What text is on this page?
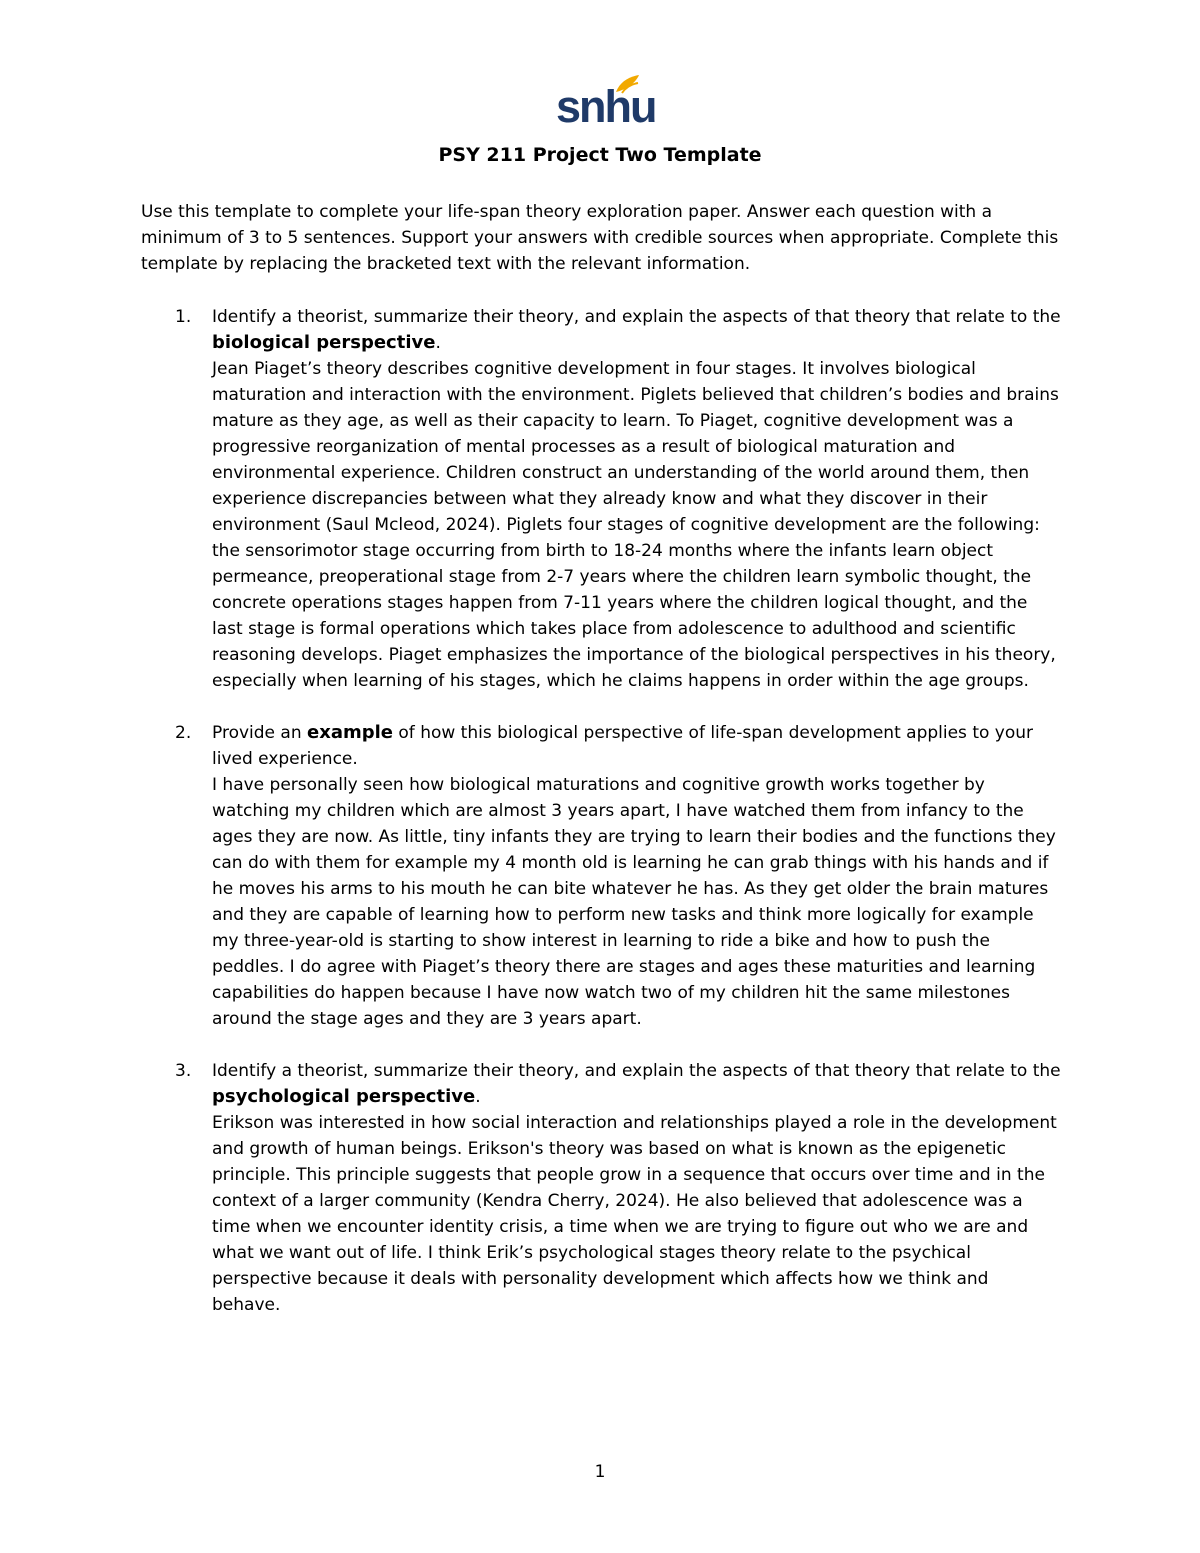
snhu
PSY 211 Project Two Template

Use this template to complete your life-span theory exploration paper. Answer each question with a minimum of 3 to 5 sentences. Support your answers with credible sources when appropriate. Complete this template by replacing the bracketed text with the relevant information.

1. Identify a theorist, summarize their theory, and explain the aspects of that theory that relate to the biological perspective.

Jean Piaget’s theory describes cognitive development in four stages. It involves biological maturation and interaction with the environment. Piglets believed that children’s bodies and brains mature as they age, as well as their capacity to learn. To Piaget, cognitive development was a progressive reorganization of mental processes as a result of biological maturation and environmental experience. Children construct an understanding of the world around them, then experience discrepancies between what they already know and what they discover in their environment (Saul Mcleod, 2024). Piglets four stages of cognitive development are the following: the sensorimotor stage occurring from birth to 18-24 months where the infants learn object permeance, preoperational stage from 2-7 years where the children learn symbolic thought, the concrete operations stages happen from 7-11 years where the children logical thought, and the last stage is formal operations which takes place from adolescence to adulthood and scientific reasoning develops. Piaget emphasizes the importance of the biological perspectives in his theory, especially when learning of his stages, which he claims happens in order within the age groups.

2. Provide an example of how this biological perspective of life-span development applies to your lived experience.

I have personally seen how biological maturations and cognitive growth works together by watching my children which are almost 3 years apart, I have watched them from infancy to the ages they are now. As little, tiny infants they are trying to learn their bodies and the functions they can do with them for example my 4 month old is learning he can grab things with his hands and if he moves his arms to his mouth he can bite whatever he has. As they get older the brain matures and they are capable of learning how to perform new tasks and think more logically for example my three-year-old is starting to show interest in learning to ride a bike and how to push the peddles. I do agree with Piaget’s theory there are stages and ages these maturities and learning capabilities do happen because I have now watch two of my children hit the same milestones around the stage ages and they are 3 years apart.

3. Identify a theorist, summarize their theory, and explain the aspects of that theory that relate to the psychological perspective.

Erikson was interested in how social interaction and relationships played a role in the development and growth of human beings. Erikson's theory was based on what is known as the epigenetic principle. This principle suggests that people grow in a sequence that occurs over time and in the context of a larger community (Kendra Cherry, 2024). He also believed that adolescence was a time when we encounter identity crisis, a time when we are trying to figure out who we are and what we want out of life. I think Erik’s psychological stages theory relate to the psychical perspective because it deals with personality development which affects how we think and behave.

1
